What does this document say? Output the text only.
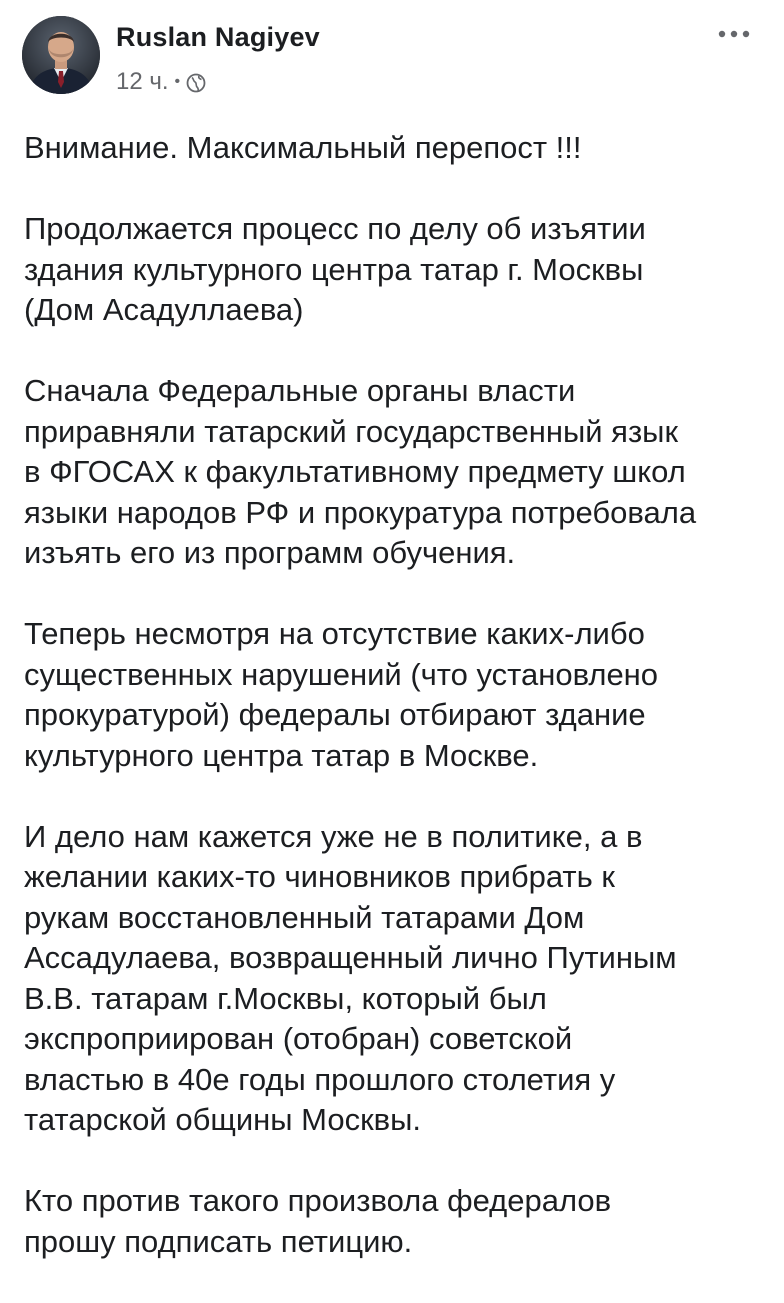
Ruslan Nagiyev
12 ч. •

Внимание. Максимальный перепост !!!

Продолжается процесс по делу об изъятии
здания культурного центра татар г. Москвы
(Дом Асадуллаева)

Сначала Федеральные органы власти
приравняли татарский государственный язык
в ФГОСАХ к факультативному предмету школ
языки народов РФ и прокуратура потребовала
изъять его из программ обучения.

Теперь несмотря на отсутствие каких-либо
существенных нарушений (что установлено
прокуратурой) федералы отбирают здание
культурного центра татар в Москве.

И дело нам кажется уже не в политике, а в
желании каких-то чиновников прибрать к
рукам восстановленный татарами Дом
Ассадулаева, возвращенный лично Путиным
В.В. татарам г.Москвы, который был
экспроприирован (отобран) советской
властью в 40е годы прошлого столетия у
татарской общины Москвы.

Кто против такого произвола федералов
прошу подписать петицию.
